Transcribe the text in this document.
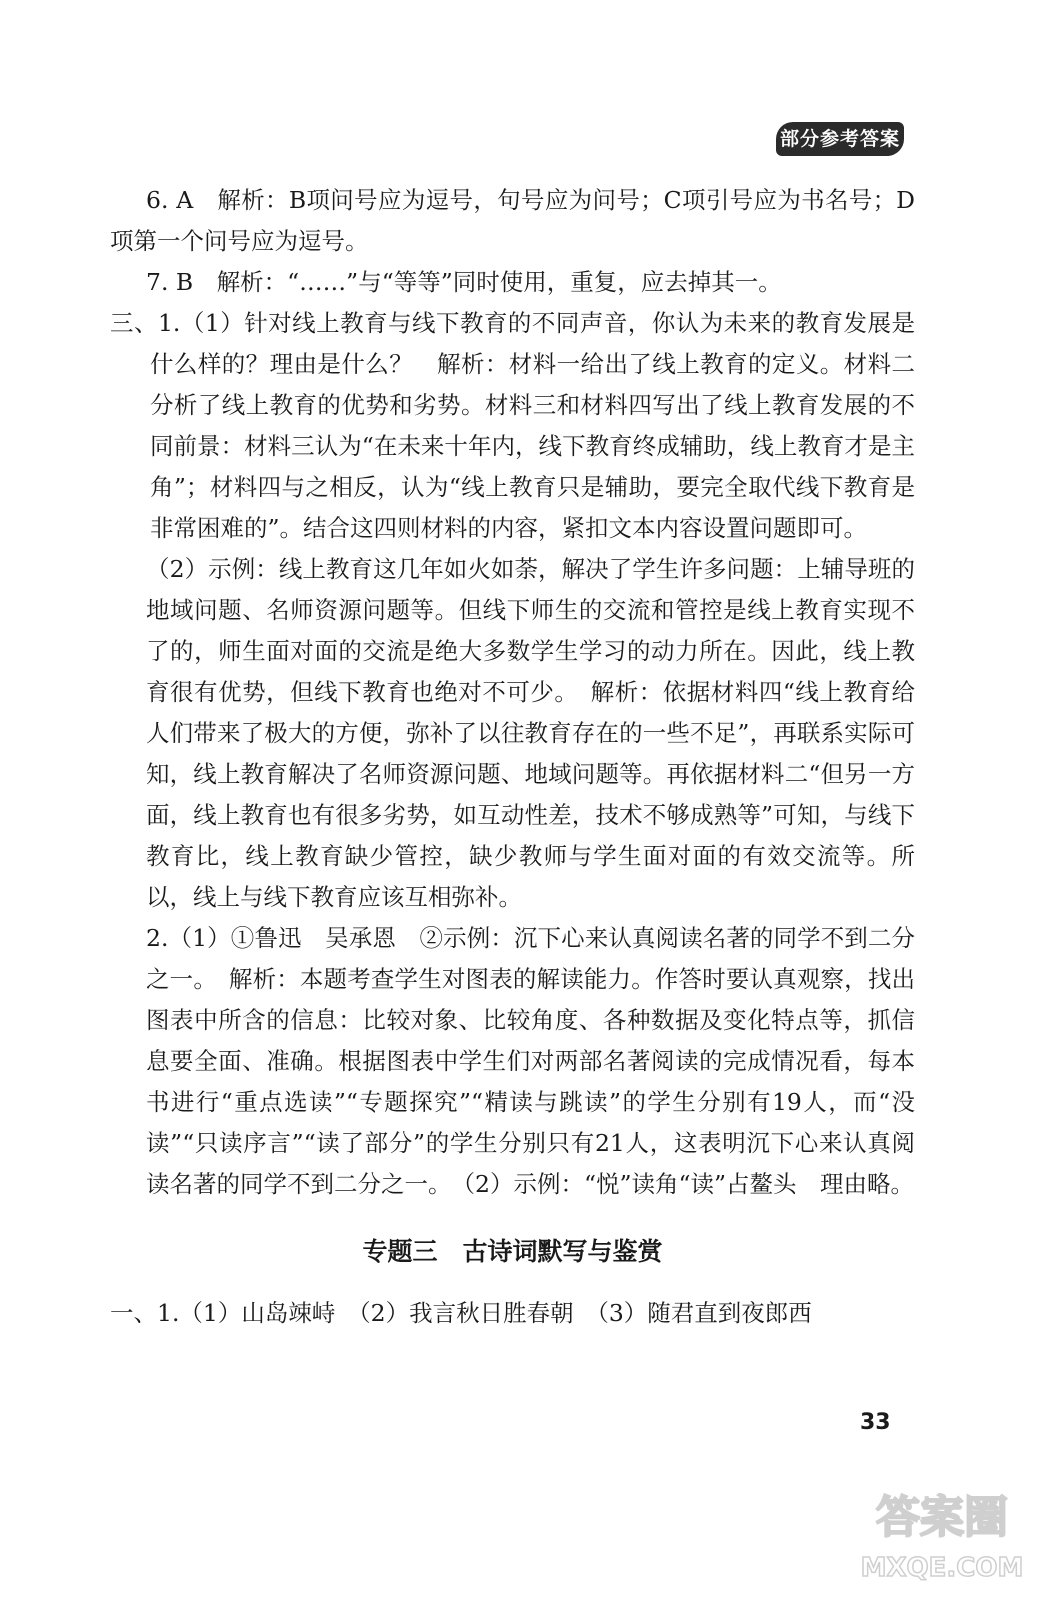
部分参考答案

6. A　解析：B项问号应为逗号，句号应为问号；C项引号应为书名号；D项第一个问号应为逗号。

7. B　解析：“……”与“等等”同时使用，重复，应去掉其一。

三、1.（1）针对线上教育与线下教育的不同声音，你认为未来的教育发展是什么样的？理由是什么？　解析：材料一给出了线上教育的定义。材料二分析了线上教育的优势和劣势。材料三和材料四写出了线上教育发展的不同前景：材料三认为“在未来十年内，线下教育终成辅助，线上教育才是主角”；材料四与之相反，认为“线上教育只是辅助，要完全取代线下教育是非常困难的”。结合这四则材料的内容，紧扣文本内容设置问题即可。

（2）示例：线上教育这几年如火如荼，解决了学生许多问题：上辅导班的地域问题、名师资源问题等。但线下师生的交流和管控是线上教育实现不了的，师生面对面的交流是绝大多数学生学习的动力所在。因此，线上教育很有优势，但线下教育也绝对不可少。　解析：依据材料四“线上教育给人们带来了极大的方便，弥补了以往教育存在的一些不足”，再联系实际可知，线上教育解决了名师资源问题、地域问题等。再依据材料二“但另一方面，线上教育也有很多劣势，如互动性差，技术不够成熟等”可知，与线下教育比，线上教育缺少管控，缺少教师与学生面对面的有效交流等。所以，线上与线下教育应该互相弥补。

2.（1）①鲁迅　吴承恩　②示例：沉下心来认真阅读名著的同学不到二分之一。　解析：本题考查学生对图表的解读能力。作答时要认真观察，找出图表中所含的信息：比较对象、比较角度、各种数据及变化特点等，抓信息要全面、准确。根据图表中学生们对两部名著阅读的完成情况看，每本书进行“重点选读”“专题探究”“精读与跳读”的学生分别有19人，而“没读”“只读序言”“读了部分”的学生分别只有21人，这表明沉下心来认真阅读名著的同学不到二分之一。　（2）示例：“悦”读角“读”占鳌头　理由略。

专题三　古诗词默写与鉴赏

一、1.（1）山岛竦峙　（2）我言秋日胜春朝　（3）随君直到夜郎西

33
答案圈
MXQE.COM
